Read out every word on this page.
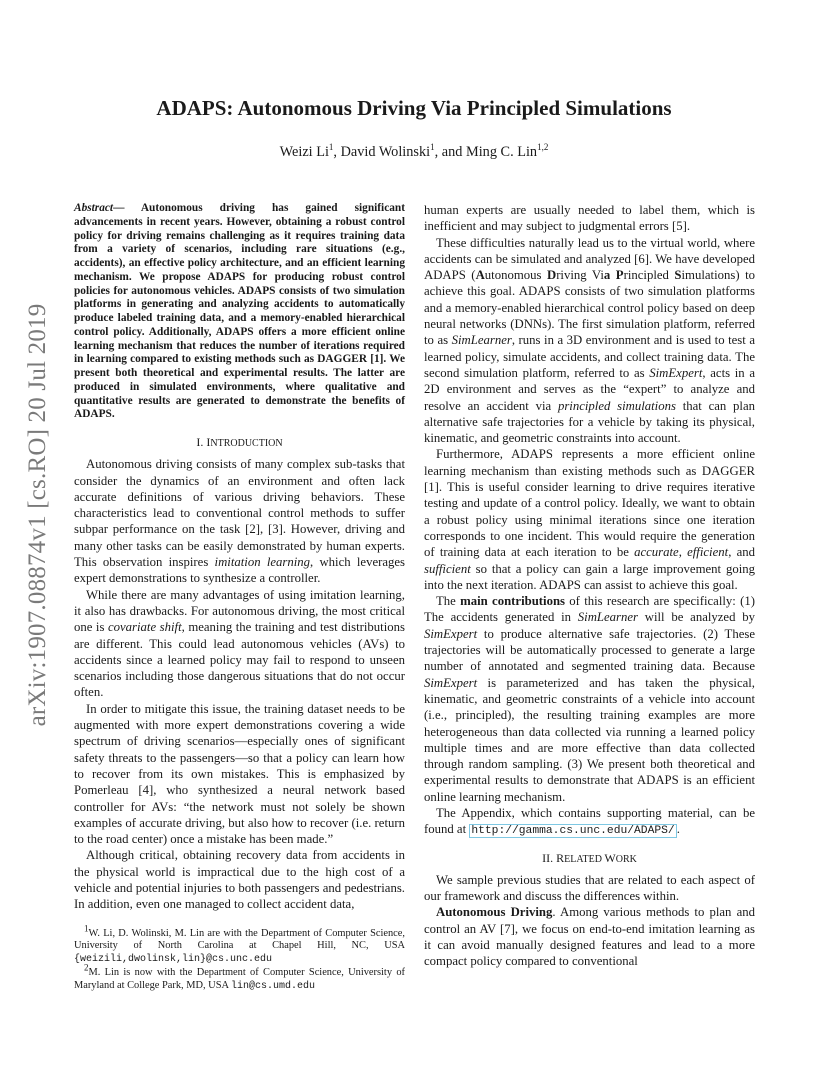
arXiv:1907.08874v1 [cs.RO] 20 Jul 2019
ADAPS: Autonomous Driving Via Principled Simulations
Weizi Li$^1$, David Wolinski$^1$, and Ming C. Lin$^{1,2}$

Abstract— Autonomous driving has gained significant advancements in recent years. However, obtaining a robust control policy for driving remains challenging as it requires training data from a variety of scenarios, including rare situations (e.g., accidents), an effective policy architecture, and an efficient learning mechanism. We propose ADAPS for producing robust control policies for autonomous vehicles. ADAPS consists of two simulation platforms in generating and analyzing accidents to automatically produce labeled training data, and a memory-enabled hierarchical control policy. Additionally, ADAPS offers a more efficient online learning mechanism that reduces the number of iterations required in learning compared to existing methods such as DAGGER [1]. We present both theoretical and experimental results. The latter are produced in simulated environments, where qualitative and quantitative results are generated to demonstrate the benefits of ADAPS.

I. INTRODUCTION

Autonomous driving consists of many complex sub-tasks that consider the dynamics of an environment and often lack accurate definitions of various driving behaviors. These characteristics lead to conventional control methods to suffer subpar performance on the task [2], [3]. However, driving and many other tasks can be easily demonstrated by human experts. This observation inspires imitation learning, which leverages expert demonstrations to synthesize a controller.

While there are many advantages of using imitation learning, it also has drawbacks. For autonomous driving, the most critical one is covariate shift, meaning the training and test distributions are different. This could lead autonomous vehicles (AVs) to accidents since a learned policy may fail to respond to unseen scenarios including those dangerous situations that do not occur often.

In order to mitigate this issue, the training dataset needs to be augmented with more expert demonstrations covering a wide spectrum of driving scenarios—especially ones of significant safety threats to the passengers—so that a policy can learn how to recover from its own mistakes. This is emphasized by Pomerleau [4], who synthesized a neural network based controller for AVs: “the network must not solely be shown examples of accurate driving, but also how to recover (i.e. return to the road center) once a mistake has been made.”

Although critical, obtaining recovery data from accidents in the physical world is impractical due to the high cost of a vehicle and potential injuries to both passengers and pedestrians. In addition, even one managed to collect accident data,

$^1$W. Li, D. Wolinski, M. Lin are with the Department of Computer Science, University of North Carolina at Chapel Hill, NC, USA {weizili,dwolinsk,lin}@cs.unc.edu

$^2$M. Lin is now with the Department of Computer Science, University of Maryland at College Park, MD, USA lin@cs.umd.edu

human experts are usually needed to label them, which is inefficient and may subject to judgmental errors [5].

These difficulties naturally lead us to the virtual world, where accidents can be simulated and analyzed [6]. We have developed ADAPS (Autonomous Driving Via Principled Simulations) to achieve this goal. ADAPS consists of two simulation platforms and a memory-enabled hierarchical control policy based on deep neural networks (DNNs). The first simulation platform, referred to as SimLearner, runs in a 3D environment and is used to test a learned policy, simulate accidents, and collect training data. The second simulation platform, referred to as SimExpert, acts in a 2D environment and serves as the “expert” to analyze and resolve an accident via principled simulations that can plan alternative safe trajectories for a vehicle by taking its physical, kinematic, and geometric constraints into account.

Furthermore, ADAPS represents a more efficient online learning mechanism than existing methods such as DAGGER [1]. This is useful consider learning to drive requires iterative testing and update of a control policy. Ideally, we want to obtain a robust policy using minimal iterations since one iteration corresponds to one incident. This would require the generation of training data at each iteration to be accurate, efficient, and sufficient so that a policy can gain a large improvement going into the next iteration. ADAPS can assist to achieve this goal.

The main contributions of this research are specifically: (1) The accidents generated in SimLearner will be analyzed by SimExpert to produce alternative safe trajectories. (2) These trajectories will be automatically processed to generate a large number of annotated and segmented training data. Because SimExpert is parameterized and has taken the physical, kinematic, and geometric constraints of a vehicle into account (i.e., principled), the resulting training examples are more heterogeneous than data collected via running a learned policy multiple times and are more effective than data collected through random sampling. (3) We present both theoretical and experimental results to demonstrate that ADAPS is an efficient online learning mechanism.

The Appendix, which contains supporting material, can be found at http://gamma.cs.unc.edu/ADAPS/ .

II. RELATED WORK

We sample previous studies that are related to each aspect of our framework and discuss the differences within.

Autonomous Driving. Among various methods to plan and control an AV [7], we focus on end-to-end imitation learning as it can avoid manually designed features and lead to a more compact policy compared to conventional
